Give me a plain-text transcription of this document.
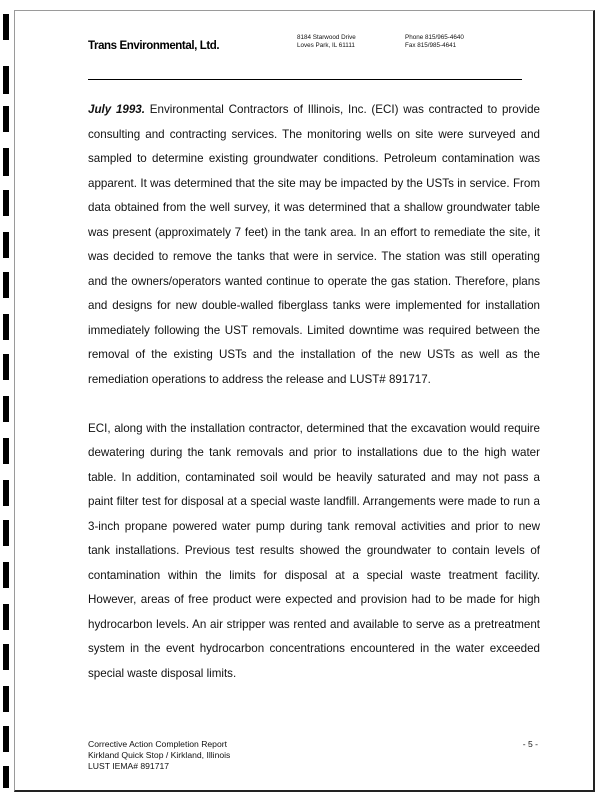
Trans Environmental, Ltd.
8184 Starwood Drive
Loves Park, IL 61111
Phone 815/965-4640
Fax 815/985-4641

July 1993. Environmental Contractors of Illinois, Inc. (ECI) was contracted to provide consulting and contracting services. The monitoring wells on site were surveyed and sampled to determine existing groundwater conditions. Petroleum contamination was apparent. It was determined that the site may be impacted by the USTs in service. From data obtained from the well survey, it was determined that a shallow groundwater table was present (approximately 7 feet) in the tank area. In an effort to remediate the site, it was decided to remove the tanks that were in service. The station was still operating and the owners/operators wanted continue to operate the gas station. Therefore, plans and designs for new double-walled fiberglass tanks were implemented for installation immediately following the UST removals. Limited downtime was required between the removal of the existing USTs and the installation of the new USTs as well as the remediation operations to address the release and LUST# 891717.

ECI, along with the installation contractor, determined that the excavation would require dewatering during the tank removals and prior to installations due to the high water table. In addition, contaminated soil would be heavily saturated and may not pass a paint filter test for disposal at a special waste landfill. Arrangements were made to run a 3-inch propane powered water pump during tank removal activities and prior to new tank installations. Previous test results showed the groundwater to contain levels of contamination within the limits for disposal at a special waste treatment facility. However, areas of free product were expected and provision had to be made for high hydrocarbon levels. An air stripper was rented and available to serve as a pretreatment system in the event hydrocarbon concentrations encountered in the water exceeded special waste disposal limits.

Corrective Action Completion Report
Kirkland Quick Stop / Kirkland, Illinois
LUST IEMA# 891717
- 5 -
